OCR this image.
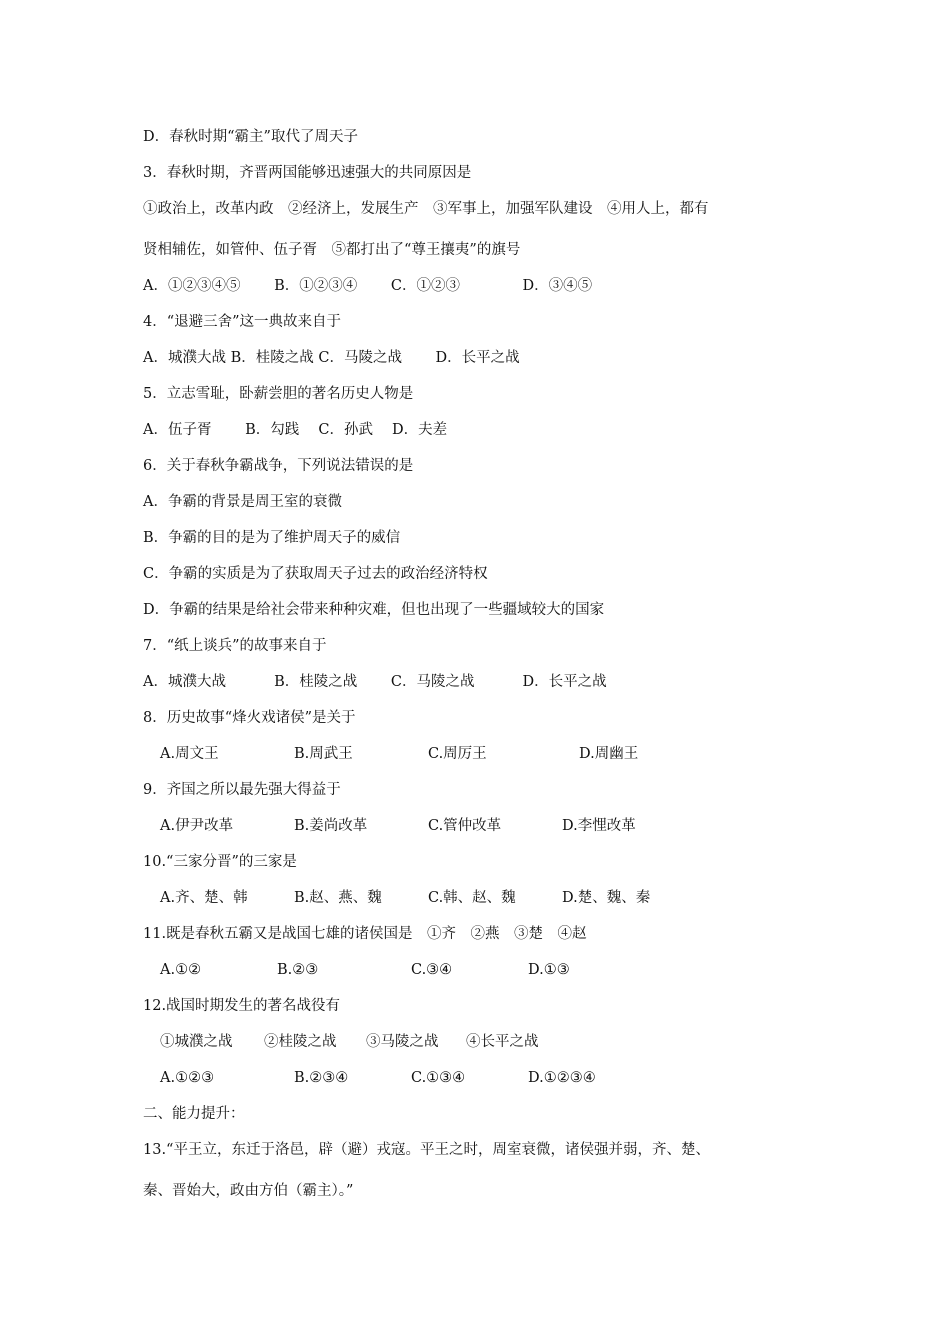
D．春秋时期“霸主”取代了周天子
3．春秋时期，齐晋两国能够迅速强大的共同原因是
①政治上，改革内政　②经济上，发展生产　③军事上，加强军队建设　④用人上，都有
贤相辅佐，如管仲、伍子胥　⑤都打出了“尊王攘夷”的旗号
A．①②③④⑤　　 B．①②③④　　 C．①②③　　　　 D．③④⑤
4．“退避三舍”这一典故来自于
A．城濮大战 B．桂陵之战 C．马陵之战　　 D．长平之战
5．立志雪耻，卧薪尝胆的著名历史人物是
A．伍子胥　　 B．勾践　 C．孙武　 D．夫差
6．关于春秋争霸战争，下列说法错误的是
A．争霸的背景是周王室的衰微
B．争霸的目的是为了维护周天子的威信
C．争霸的实质是为了获取周天子过去的政治经济特权
D．争霸的结果是给社会带来种种灾难，但也出现了一些疆域较大的国家
7．“纸上谈兵”的故事来自于
A．城濮大战　　　 B．桂陵之战　　 C．马陵之战　　　 D．长平之战
8．历史故事“烽火戏诸侯”是关于
A.周文王	B.周武王	C.周厉王	D.周幽王
9．齐国之所以最先强大得益于
A.伊尹改革	B.姜尚改革	C.管仲改革	D.李悝改革
10.“三家分晋”的三家是
A.齐、楚、韩	B.赵、燕、魏	C.韩、赵、魏	D.楚、魏、秦
11.既是春秋五霸又是战国七雄的诸侯国是　①齐　②燕　③楚　④赵
A.①②	B.②③	C.③④	D.①③
12.战国时期发生的著名战役有
①城濮之战 ②桂陵之战 ③马陵之战 ④长平之战
A.①②③	B.②③④	C.①③④	D.①②③④
二、能力提升：
13.“平王立，东迁于洛邑，辟（避）戎寇。平王之时，周室衰微，诸侯强并弱，齐、楚、
秦、晋始大，政由方伯（霸主）。”
